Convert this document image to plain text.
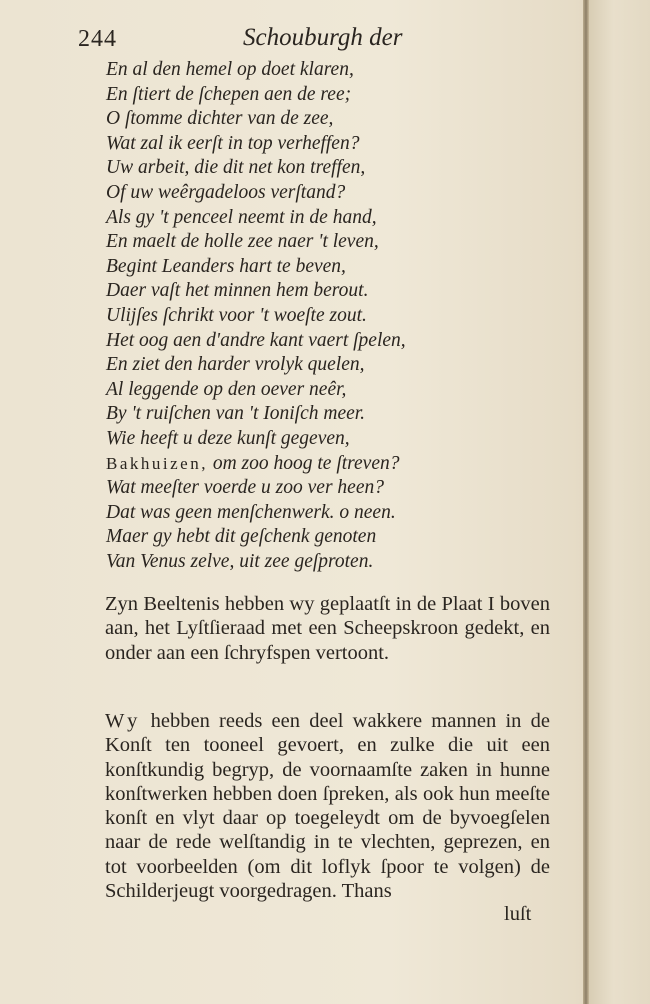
244	Schouburgh der
En al den hemel op doet klaren,
En ſtiert de ſchepen aen de ree;
O ſtomme dichter van de zee,
Wat zal ik eerſt in top verheffen?
Uw arbeit, die dit net kon treffen,
Of uw weêrgadeloos verſtand?
Als gy 't penceel neemt in de hand,
En maelt de holle zee naer 't leven,
Begint Leanders hart te beven,
Daer vaſt het minnen hem berout.
Ulijſes ſchrikt voor 't woeſte zout.
Het oog aen d'andre kant vaert ſpelen,
En ziet den harder vrolyk quelen,
Al leggende op den oever neêr,
By 't ruiſchen van 't Ioniſch meer.
Wie heeft u deze kunſt gegeven,
Bakhuizen, om zoo hoog te ſtreven?
Wat meeſter voerde u zoo ver heen?
Dat was geen menſchenwerk. o neen.
Maer gy hebt dit geſchenk genoten
Van Venus zelve, uit zee geſproten.

Zyn Beeltenis hebben wy geplaatſt in de Plaat I boven aan, het Lyſtſieraad met een Scheepskroon gedekt, en onder aan een ſchryfspen vertoont.

Wy hebben reeds een deel wakkere mannen in de Konſt ten tooneel gevoert, en zulke die uit een konſtkundig begryp, de voornaamſte zaken in hunne konſtwerken hebben doen ſpreken, als ook hun meeſte konſt en vlyt daar op toegeleydt om de byvoegſelen naar de rede welſtandig in te vlechten, geprezen, en tot voorbeelden (om dit loflyk ſpoor te volgen) de Schilderjeugt voorgedragen. Thans

luſt
